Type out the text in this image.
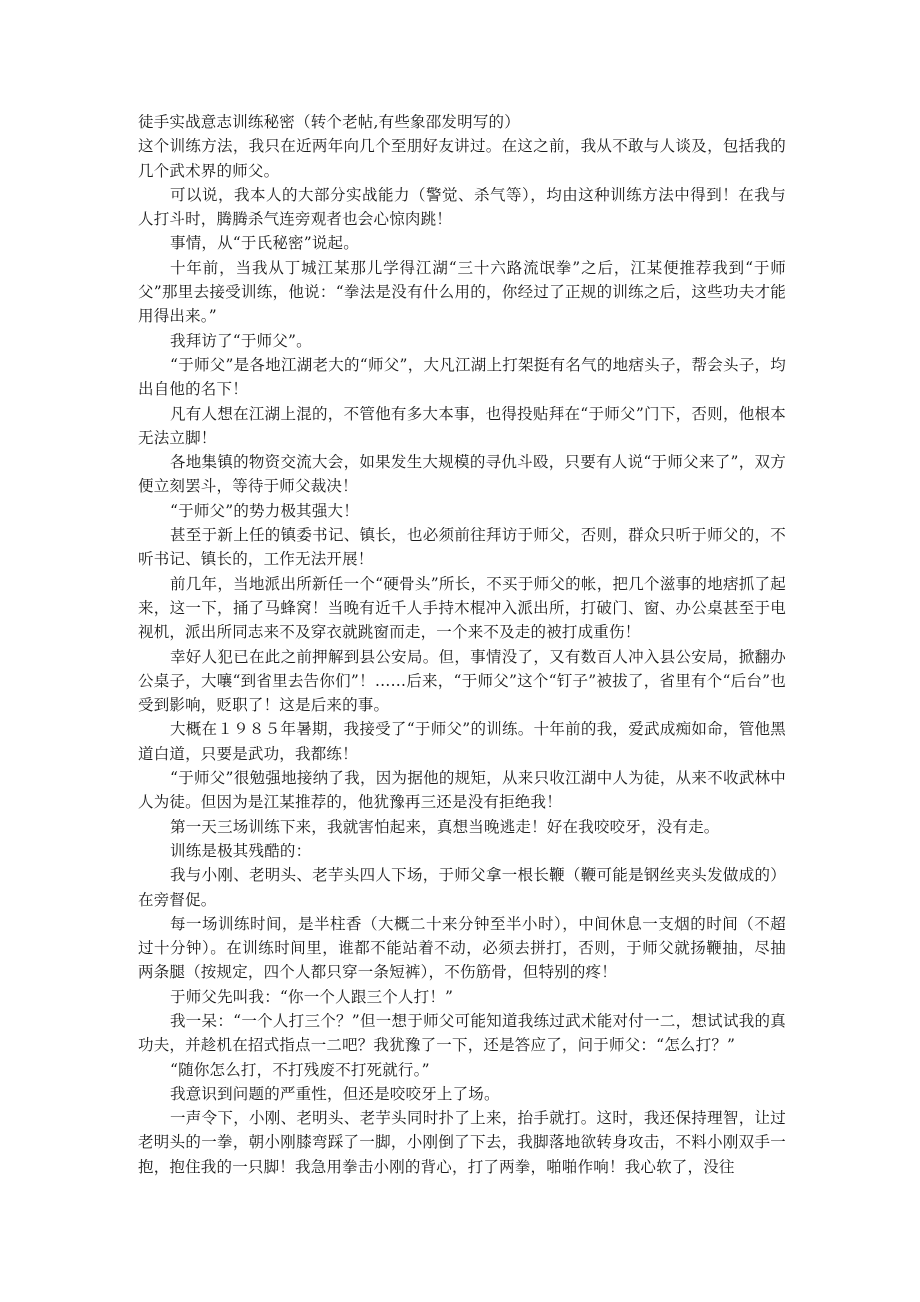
徒手实战意志训练秘密（转个老帖,有些象邵发明写的）

这个训练方法，我只在近两年向几个至朋好友讲过。在这之前，我从不敢与人谈及，包括我的几个武术界的师父。

可以说，我本人的大部分实战能力（警觉、杀气等），均由这种训练方法中得到！在我与人打斗时，腾腾杀气连旁观者也会心惊肉跳！

事情，从“于氏秘密”说起。

十年前，当我从丁城江某那儿学得江湖“三十六路流氓拳”之后，江某便推荐我到“于师父”那里去接受训练，他说：“拳法是没有什么用的，你经过了正规的训练之后，这些功夫才能用得出来。”

我拜访了“于师父”。

“于师父”是各地江湖老大的“师父”，大凡江湖上打架挺有名气的地痞头子，帮会头子，均出自他的名下！

凡有人想在江湖上混的，不管他有多大本事，也得投贴拜在“于师父”门下，否则，他根本无法立脚！

各地集镇的物资交流大会，如果发生大规模的寻仇斗殴，只要有人说“于师父来了”，双方便立刻罢斗，等待于师父裁决！

“于师父”的势力极其强大！

甚至于新上任的镇委书记、镇长，也必须前往拜访于师父，否则，群众只听于师父的，不听书记、镇长的，工作无法开展！

前几年，当地派出所新任一个“硬骨头”所长，不买于师父的帐，把几个滋事的地痞抓了起来，这一下，捅了马蜂窝！当晚有近千人手持木棍冲入派出所，打破门、窗、办公桌甚至于电视机，派出所同志来不及穿衣就跳窗而走，一个来不及走的被打成重伤！

幸好人犯已在此之前押解到县公安局。但，事情没了，又有数百人冲入县公安局，掀翻办公桌子，大嚷“到省里去告你们”！……后来，“于师父”这个“钉子”被拔了，省里有个“后台”也受到影响，贬职了！这是后来的事。

大概在１９８５年暑期，我接受了“于师父”的训练。十年前的我，爱武成痴如命，管他黑道白道，只要是武功，我都练！

“于师父”很勉强地接纳了我，因为据他的规矩，从来只收江湖中人为徒，从来不收武林中人为徒。但因为是江某推荐的，他犹豫再三还是没有拒绝我！

第一天三场训练下来，我就害怕起来，真想当晚逃走！好在我咬咬牙，没有走。

训练是极其残酷的：

我与小刚、老明头、老芋头四人下场，于师父拿一根长鞭（鞭可能是钢丝夹头发做成的）在旁督促。

每一场训练时间，是半柱香（大概二十来分钟至半小时），中间休息一支烟的时间（不超过十分钟）。在训练时间里，谁都不能站着不动，必须去拼打，否则，于师父就扬鞭抽，尽抽两条腿（按规定，四个人都只穿一条短裤），不伤筋骨，但特别的疼！

于师父先叫我：“你一个人跟三个人打！”

我一呆：“一个人打三个？”但一想于师父可能知道我练过武术能对付一二，想试试我的真功夫，并趁机在招式指点一二吧？我犹豫了一下，还是答应了，问于师父：“怎么打？”

“随你怎么打，不打残废不打死就行。”

我意识到问题的严重性，但还是咬咬牙上了场。

一声令下，小刚、老明头、老芋头同时扑了上来，抬手就打。这时，我还保持理智，让过老明头的一拳，朝小刚膝弯踩了一脚，小刚倒了下去，我脚落地欲转身攻击，不料小刚双手一抱，抱住我的一只脚！我急用拳击小刚的背心，打了两拳，啪啪作响！我心软了，没往
